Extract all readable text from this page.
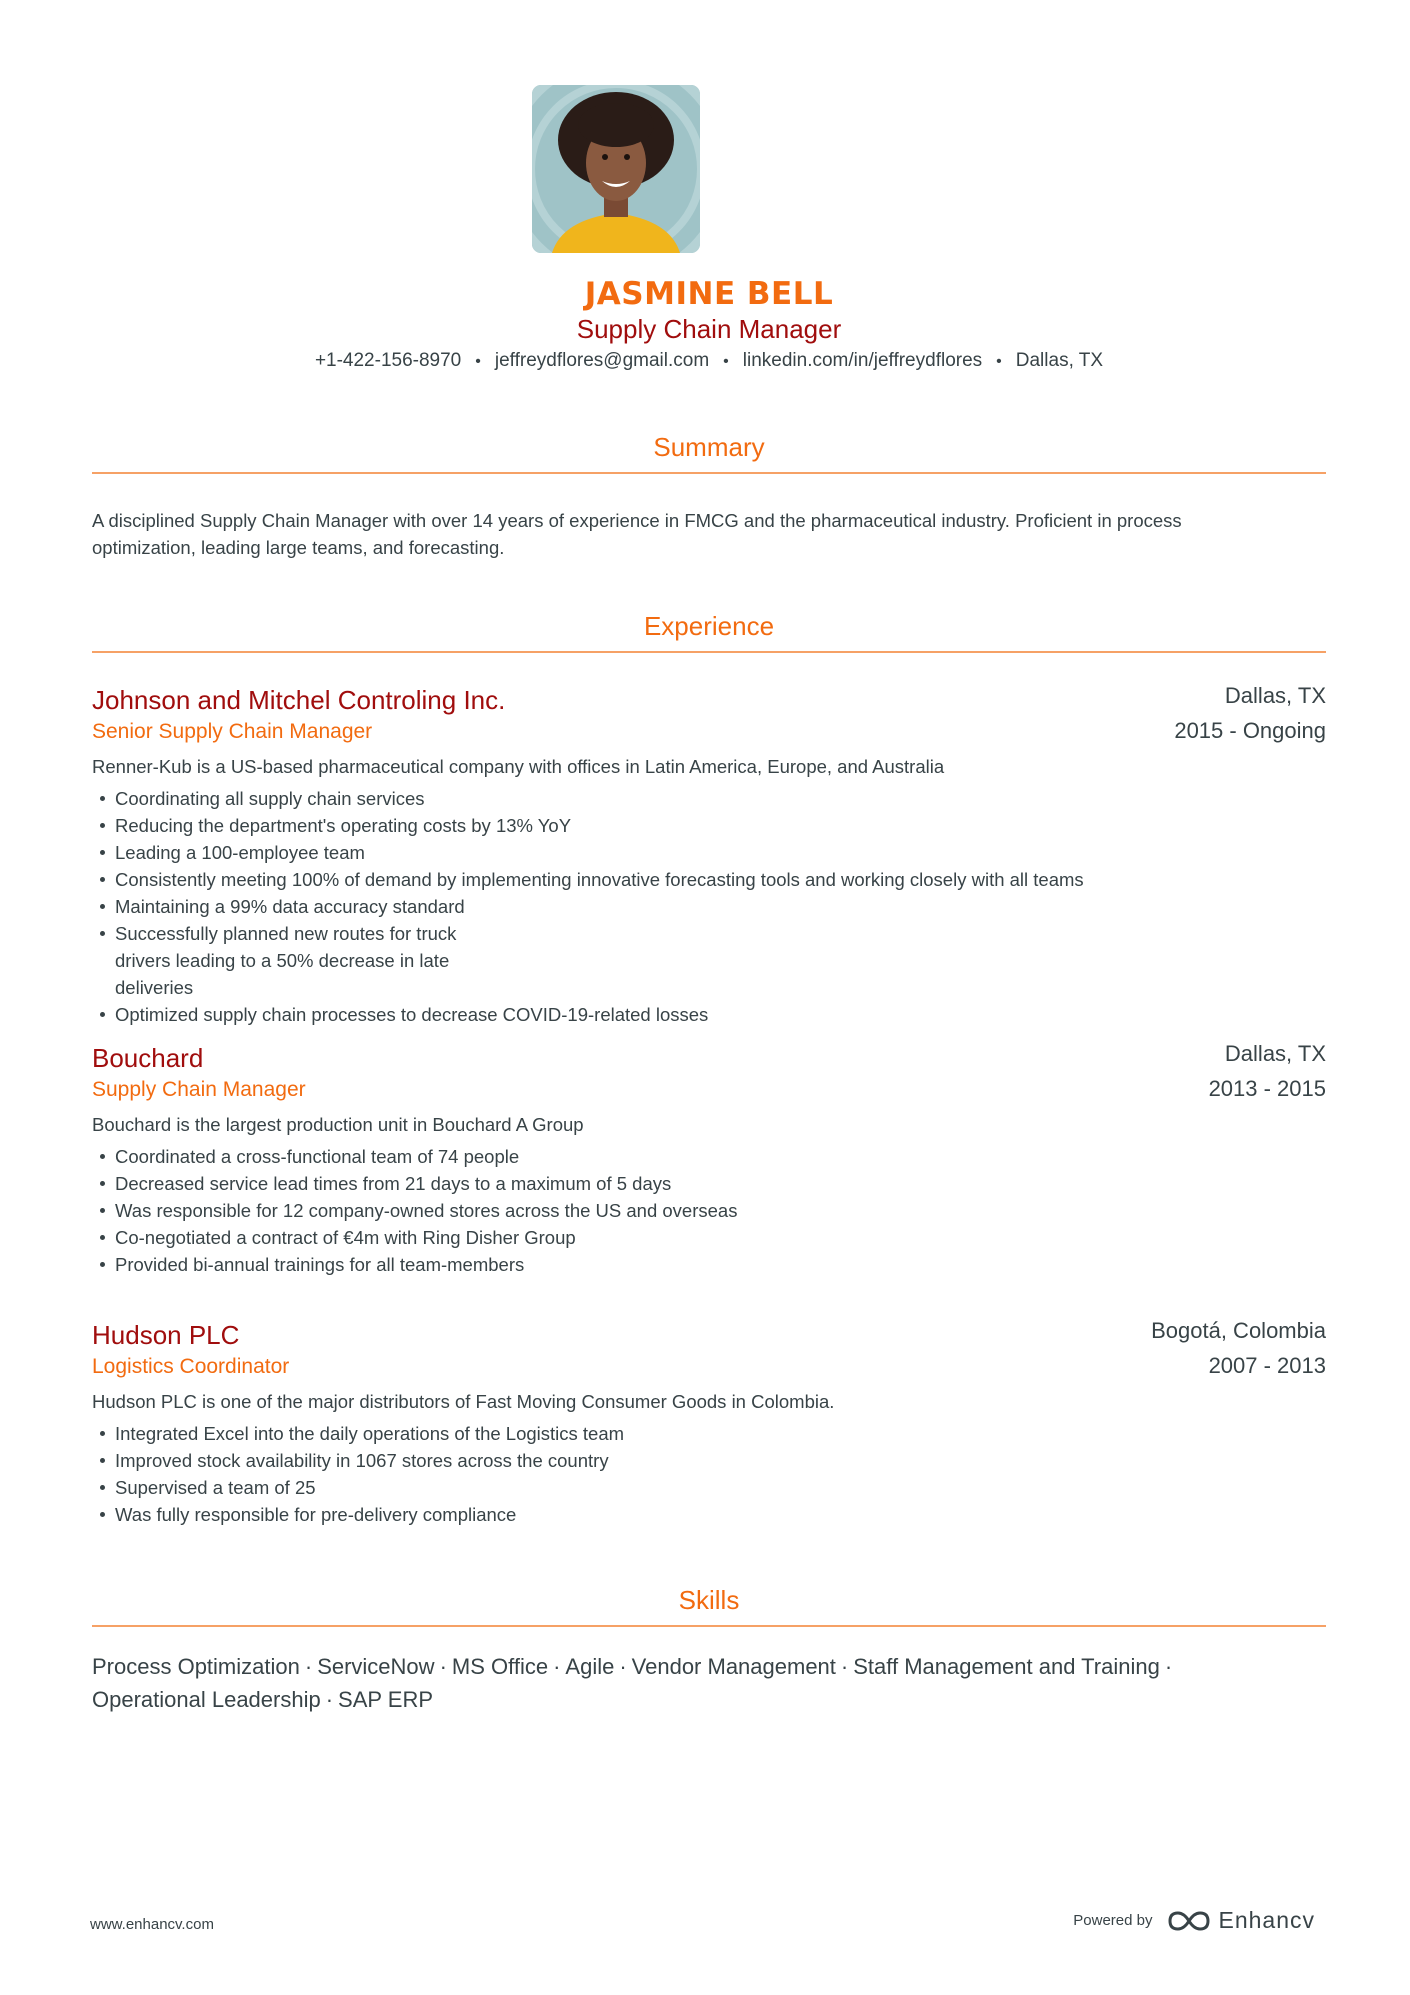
JASMINE BELL
Supply Chain Manager
+1-422-156-8970 • jeffreydflores@gmail.com • linkedin.com/in/jeffreydflores • Dallas, TX
Summary
A disciplined Supply Chain Manager with over 14 years of experience in FMCG and the pharmaceutical industry. Proficient in process
optimization, leading large teams, and forecasting.
Experience
Johnson and Mitchel Controling Inc.	Dallas, TX
Senior Supply Chain Manager	2015 - Ongoing
Renner-Kub is a US-based pharmaceutical company with offices in Latin America, Europe, and Australia
Coordinating all supply chain services
Reducing the department's operating costs by 13% YoY
Leading a 100-employee team
Consistently meeting 100% of demand by implementing innovative forecasting tools and working closely with all teams
Maintaining a 99% data accuracy standard
Successfully planned new routes for truck drivers leading to a 50% decrease in late deliveries
Optimized supply chain processes to decrease COVID-19-related losses
Bouchard	Dallas, TX
Supply Chain Manager	2013 - 2015
Bouchard is the largest production unit in Bouchard A Group
Coordinated a cross-functional team of 74 people
Decreased service lead times from 21 days to a maximum of 5 days
Was responsible for 12 company-owned stores across the US and overseas
Co-negotiated a contract of €4m with Ring Disher Group
Provided bi-annual trainings for all team-members
Hudson PLC	Bogotá, Colombia
Logistics Coordinator	2007 - 2013
Hudson PLC is one of the major distributors of Fast Moving Consumer Goods in Colombia.
Integrated Excel into the daily operations of the Logistics team
Improved stock availability in 1067 stores across the country
Supervised a team of 25
Was fully responsible for pre-delivery compliance
Skills
Process Optimization · ServiceNow · MS Office · Agile · Vendor Management · Staff Management and Training ·
Operational Leadership · SAP ERP
www.enhancv.com	Powered by	Enhancv
